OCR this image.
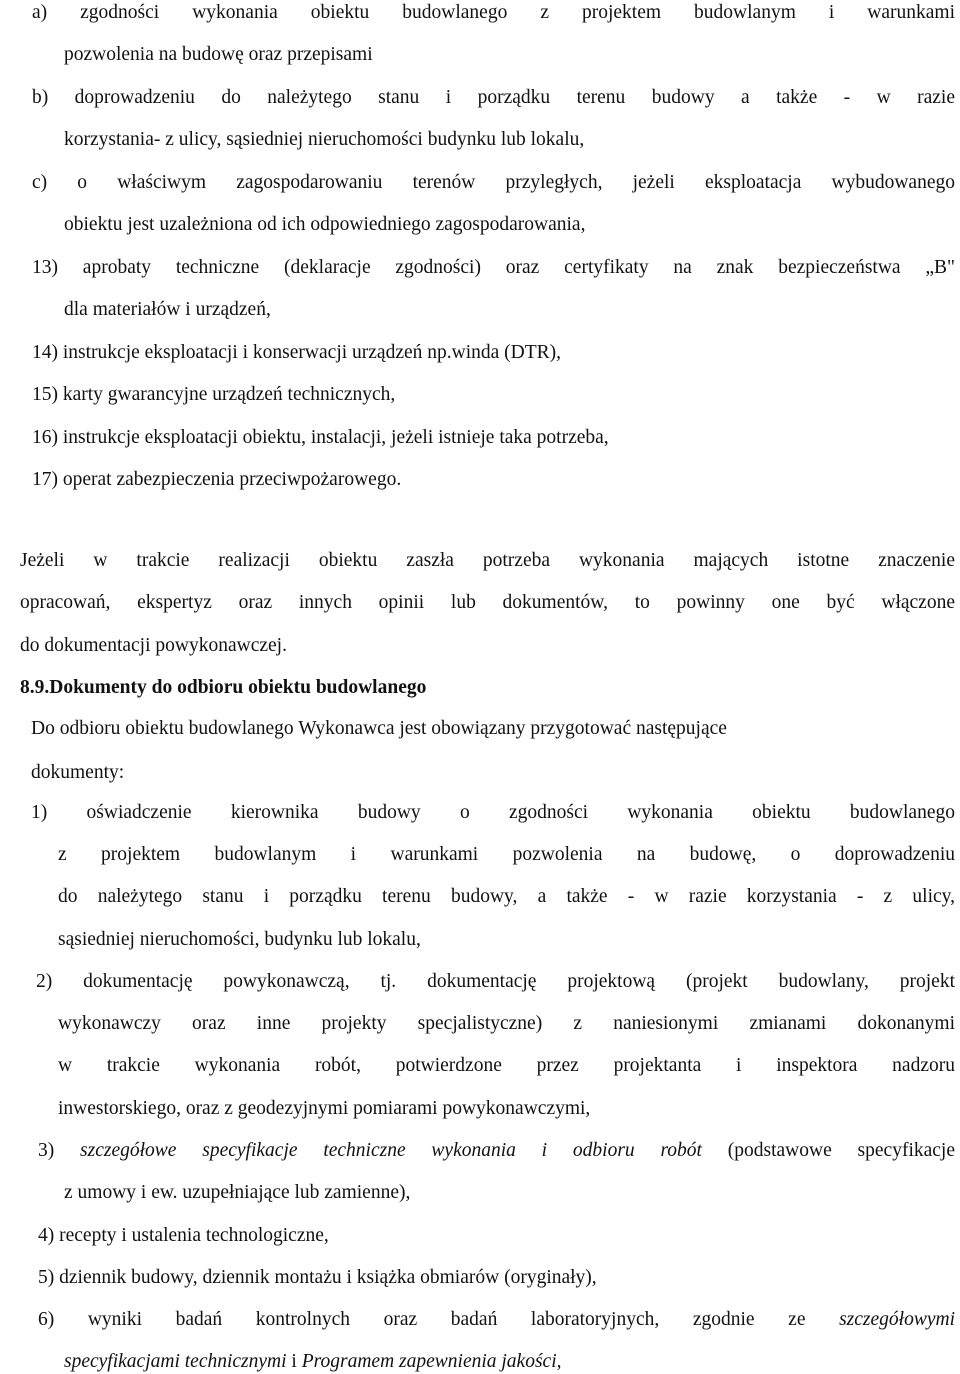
a) zgodności wykonania obiektu budowlanego z projektem budowlanym i warunkami
pozwolenia na budowę oraz przepisami
b) doprowadzeniu do należytego stanu i porządku terenu budowy a także - w razie
korzystania- z ulicy, sąsiedniej nieruchomości budynku lub lokalu,
c) o właściwym zagospodarowaniu terenów przyległych, jeżeli eksploatacja wybudowanego
obiektu jest uzależniona od ich odpowiedniego zagospodarowania,
13) aprobaty techniczne (deklaracje zgodności) oraz certyfikaty na znak bezpieczeństwa „B"
dla materiałów i urządzeń,
14) instrukcje eksploatacji i konserwacji urządzeń np.winda (DTR),
15) karty gwarancyjne urządzeń technicznych,
16) instrukcje eksploatacji obiektu, instalacji, jeżeli istnieje taka potrzeba,
17) operat zabezpieczenia przeciwpożarowego.
Jeżeli w trakcie realizacji obiektu zaszła potrzeba wykonania mających istotne znaczenie
opracowań, ekspertyz oraz innych opinii lub dokumentów, to powinny one być włączone
do dokumentacji powykonawczej.
8.9.Dokumenty do odbioru obiektu budowlanego
Do odbioru obiektu budowlanego Wykonawca jest obowiązany przygotować następujące
dokumenty:
1) oświadczenie kierownika budowy o zgodności wykonania obiektu budowlanego
z projektem budowlanym i warunkami pozwolenia na budowę, o doprowadzeniu
do należytego stanu i porządku terenu budowy, a także - w razie korzystania - z ulicy,
sąsiedniej nieruchomości, budynku lub lokalu,
2) dokumentację powykonawczą, tj. dokumentację projektową (projekt budowlany, projekt
wykonawczy oraz inne projekty specjalistyczne) z naniesionymi zmianami dokonanymi
w trakcie wykonania robót, potwierdzone przez projektanta i inspektora nadzoru
inwestorskiego, oraz z geodezyjnymi pomiarami powykonawczymi,
3) szczegółowe specyfikacje techniczne wykonania i odbioru robót (podstawowe specyfikacje
z umowy i ew. uzupełniające lub zamienne),
4) recepty i ustalenia technologiczne,
5) dziennik budowy, dziennik montażu i książka obmiarów (oryginały),
6) wyniki badań kontrolnych oraz badań laboratoryjnych, zgodnie ze szczegółowymi
specyfikacjami technicznymi i Programem zapewnienia jakości,
